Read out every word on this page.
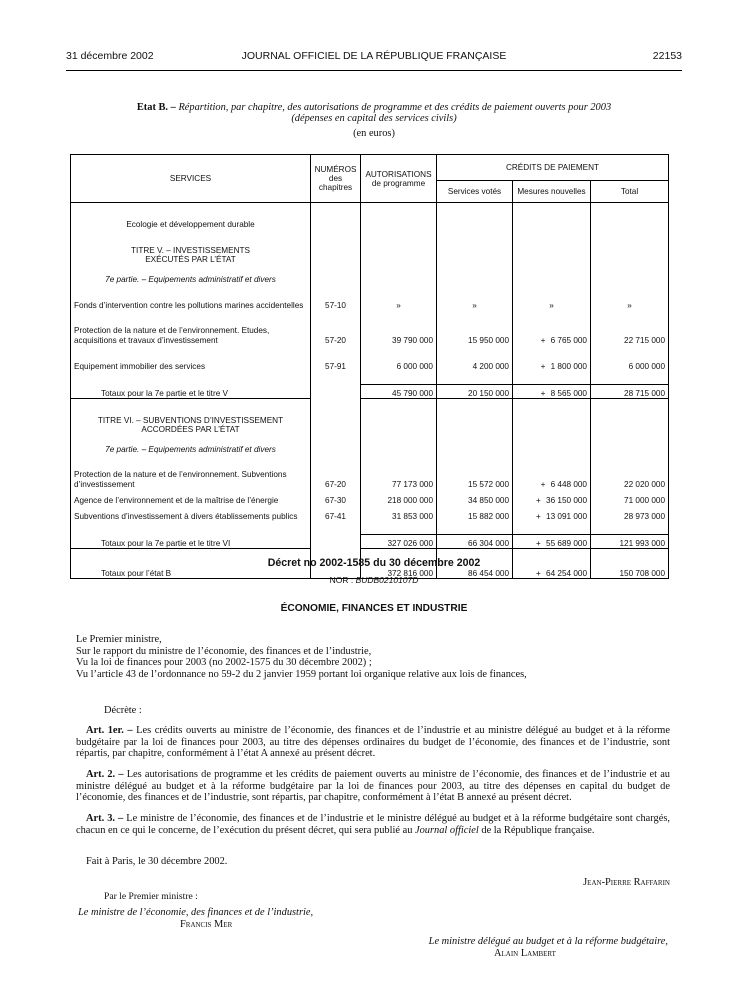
31 décembre 2002	JOURNAL OFFICIEL DE LA RÉPUBLIQUE FRANÇAISE	22153
Etat B. – Répartition, par chapitre, des autorisations de programme et des crédits de paiement ouverts pour 2003
(dépenses en capital des services civils)
(en euros)
SERVICES	NUMÉROS des chapitres	AUTORISATIONS de programme	CRÉDITS DE PAIEMENT		
			Services votés	Mesures nouvelles	Total

Ecologie et développement durable					

TITRE V. – INVESTISSEMENTS					
EXÉCUTÉS PAR L’ÉTAT					
7e partie. – Equipements administratif et divers					

Fonds d’intervention contre les pollutions marines accidentelles	57-10	»	»	»	»

Protection de la nature et de l’environnement. Etudes, acquisitions et travaux d’investissement	57-20	39 790 000	15 950 000	+ 6 765 000	22 715 000

Equipement immobilier des services	57-91	6 000 000	4 200 000	+ 1 800 000	6 000 000

Totaux pour la 7e partie et le titre V		45 790 000	20 150 000	+ 8 565 000	28 715 000

TITRE VI. – SUBVENTIONS D’INVESTISSEMENT					
ACCORDÉES PAR L’ÉTAT					
7e partie. – Equipements administratif et divers					

Protection de la nature et de l’environnement. Subventions d’investissement	67-20	77 173 000	15 572 000	+ 6 448 000	22 020 000
Agence de l’environnement et de la maîtrise de l’énergie	67-30	218 000 000	34 850 000	+ 36 150 000	71 000 000
Subventions d’investissement à divers établissements publics	67-41	31 853 000	15 882 000	+ 13 091 000	28 973 000

Totaux pour la 7e partie et le titre VI		327 026 000	66 304 000	+ 55 689 000	121 993 000

Totaux pour l’état B		372 816 000	86 454 000	+ 64 254 000	150 708 000
Décret no 2002-1585 du 30 décembre 2002
NOR : BUDB0210107D
ÉCONOMIE, FINANCES ET INDUSTRIE
Le Premier ministre,
Sur le rapport du ministre de l’économie, des finances et de l’industrie,
Vu la loi de finances pour 2003 (no 2002-1575 du 30 décembre 2002) ;
Vu l’article 43 de l’ordonnance no 59-2 du 2 janvier 1959 portant loi organique relative aux lois de finances,
Décrète :
Art. 1er. – Les crédits ouverts au ministre de l’économie, des finances et de l’industrie et au ministre délégué au budget et à la réforme budgétaire par la loi de finances pour 2003, au titre des dépenses ordinaires du budget de l’économie, des finances et de l’industrie, sont répartis, par chapitre, conformément à l’état A annexé au présent décret.
Art. 2. – Les autorisations de programme et les crédits de paiement ouverts au ministre de l’économie, des finances et de l’industrie et au ministre délégué au budget et à la réforme budgétaire par la loi de finances pour 2003, au titre des dépenses en capital du budget de l’économie, des finances et de l’industrie, sont répartis, par chapitre, conformément à l’état B annexé au présent décret.
Art. 3. – Le ministre de l’économie, des finances et de l’industrie et le ministre délégué au budget et à la réforme budgétaire sont chargés, chacun en ce qui le concerne, de l’exécution du présent décret, qui sera publié au Journal officiel de la République française.
Fait à Paris, le 30 décembre 2002.
Jean-Pierre Raffarin
Par le Premier ministre :
Le ministre de l’économie, des finances et de l’industrie,
Francis Mer
Le ministre délégué au budget et à la réforme budgétaire,
Alain Lambert
